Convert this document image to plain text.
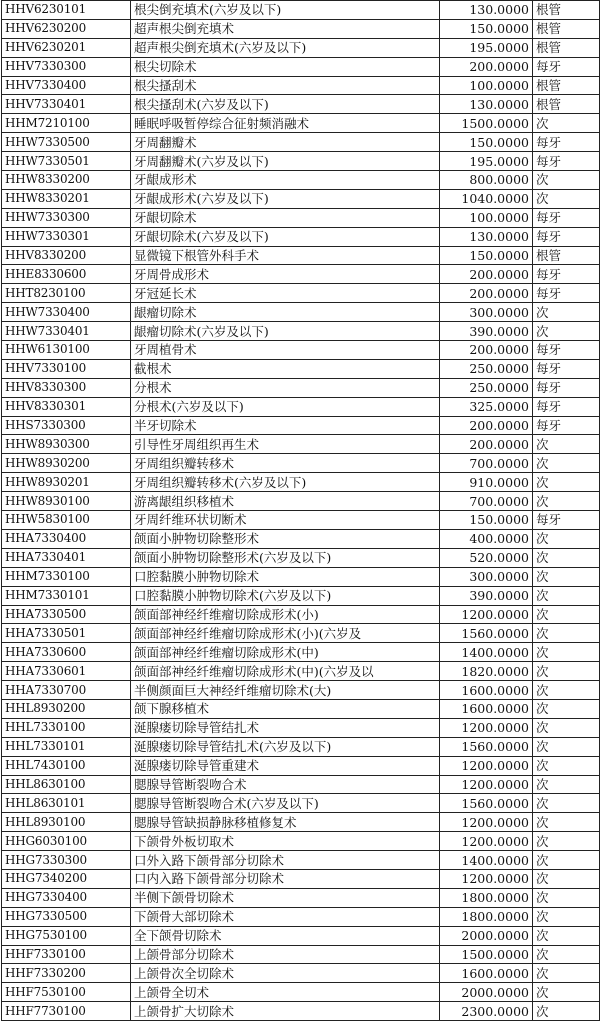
HHV6230101	根尖倒充填术(六岁及以下)	130.0000	根管
HHV6230200	超声根尖倒充填术	150.0000	根管
HHV6230201	超声根尖倒充填术(六岁及以下)	195.0000	根管
HHV7330300	根尖切除术	200.0000	每牙
HHV7330400	根尖搔刮术	100.0000	根管
HHV7330401	根尖搔刮术(六岁及以下)	130.0000	根管
HHM7210100	睡眠呼吸暂停综合征射频消融术	1500.0000	次
HHW7330500	牙周翻瓣术	150.0000	每牙
HHW7330501	牙周翻瓣术(六岁及以下)	195.0000	每牙
HHW8330200	牙龈成形术	800.0000	次
HHW8330201	牙龈成形术(六岁及以下)	1040.0000	次
HHW7330300	牙龈切除术	100.0000	每牙
HHW7330301	牙龈切除术(六岁及以下)	130.0000	每牙
HHV8330200	显微镜下根管外科手术	150.0000	根管
HHE8330600	牙周骨成形术	200.0000	每牙
HHT8230100	牙冠延长术	200.0000	每牙
HHW7330400	龈瘤切除术	300.0000	次
HHW7330401	龈瘤切除术(六岁及以下)	390.0000	次
HHW6130100	牙周植骨术	200.0000	每牙
HHV7330100	截根术	250.0000	每牙
HHV8330300	分根术	250.0000	每牙
HHV8330301	分根术(六岁及以下)	325.0000	每牙
HHS7330300	半牙切除术	200.0000	每牙
HHW8930300	引导性牙周组织再生术	200.0000	次
HHW8930200	牙周组织瓣转移术	700.0000	次
HHW8930201	牙周组织瓣转移术(六岁及以下)	910.0000	次
HHW8930100	游离龈组织移植术	700.0000	次
HHW5830100	牙周纤维环状切断术	150.0000	每牙
HHA7330400	颌面小肿物切除整形术	400.0000	次
HHA7330401	颌面小肿物切除整形术(六岁及以下)	520.0000	次
HHM7330100	口腔黏膜小肿物切除术	300.0000	次
HHM7330101	口腔黏膜小肿物切除术(六岁及以下)	390.0000	次
HHA7330500	颌面部神经纤维瘤切除成形术(小)	1200.0000	次
HHA7330501	颌面部神经纤维瘤切除成形术(小)(六岁及	1560.0000	次
HHA7330600	颌面部神经纤维瘤切除成形术(中)	1400.0000	次
HHA7330601	颌面部神经纤维瘤切除成形术(中)(六岁及以	1820.0000	次
HHA7330700	半侧颜面巨大神经纤维瘤切除术(大)	1600.0000	次
HHL8930200	颌下腺移植术	1600.0000	次
HHL7330100	涎腺瘘切除导管结扎术	1200.0000	次
HHL7330101	涎腺瘘切除导管结扎术(六岁及以下)	1560.0000	次
HHL7430100	涎腺瘘切除导管重建术	1200.0000	次
HHL8630100	腮腺导管断裂吻合术	1200.0000	次
HHL8630101	腮腺导管断裂吻合术(六岁及以下)	1560.0000	次
HHL8930100	腮腺导管缺损静脉移植修复术	1200.0000	次
HHG6030100	下颌骨外板切取术	1200.0000	次
HHG7330300	口外入路下颌骨部分切除术	1400.0000	次
HHG7340200	口内入路下颌骨部分切除术	1200.0000	次
HHG7330400	半侧下颌骨切除术	1800.0000	次
HHG7330500	下颌骨大部切除术	1800.0000	次
HHG7530100	全下颌骨切除术	2000.0000	次
HHF7330100	上颌骨部分切除术	1500.0000	次
HHF7330200	上颌骨次全切除术	1600.0000	次
HHF7530100	上颌骨全切术	2000.0000	次
HHF7730100	上颌骨扩大切除术	2300.0000	次
